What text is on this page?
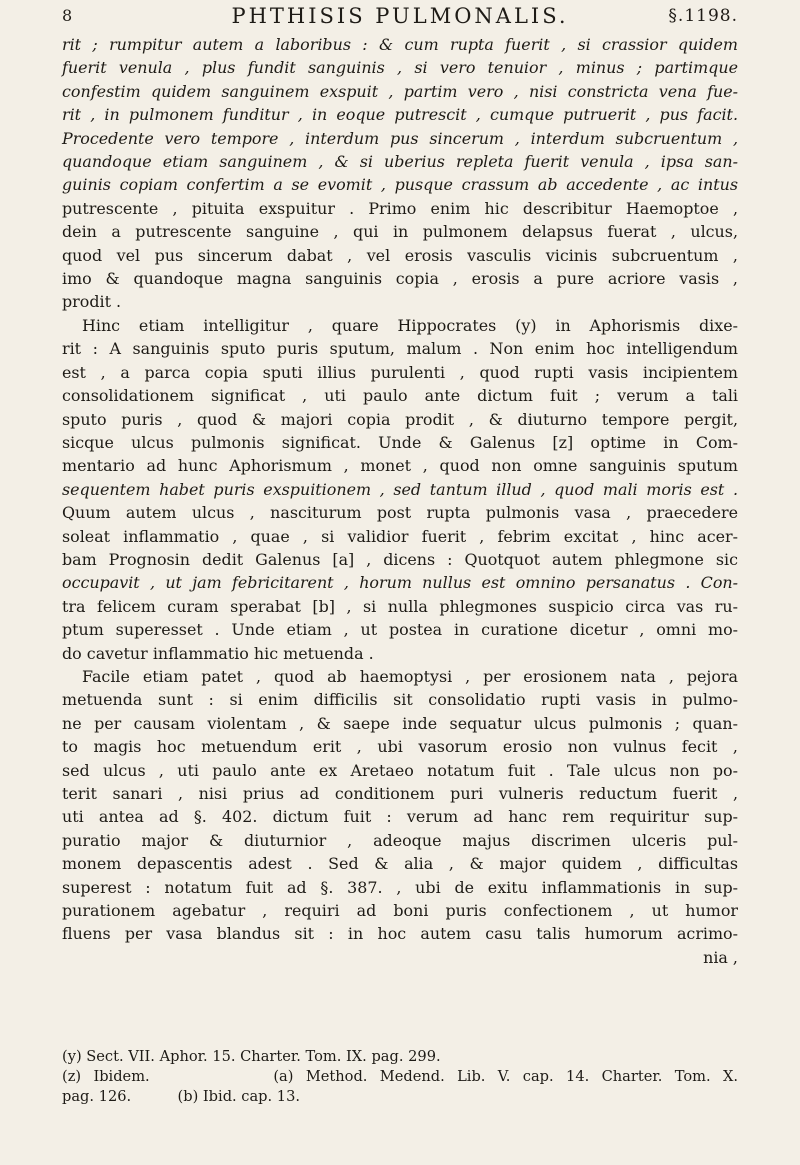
8	PHTHISIS PULMONALIS.	§.1198.

rit ; rumpitur autem a laboribus : & cum rupta fuerit , si crassior quidem
fuerit venula , plus fundit sanguinis , si vero tenuior , minus ; partimque
confestim quidem sanguinem exspuit , partim vero , nisi constricta vena fue-
rit , in pulmonem funditur , in eoque putrescit , cumque putruerit , pus facit.
Procedente vero tempore , interdum pus sincerum , interdum subcruentum ,
quandoque etiam sanguinem , & si uberius repleta fuerit venula , ipsa san-
guinis copiam confertim a se evomit , pusque crassum ab accedente , ac intus
putrescente , pituita exspuitur . Primo enim hic describitur Haemoptoe ,
dein a putrescente sanguine , qui in pulmonem delapsus fuerat , ulcus,
quod vel pus sincerum dabat , vel erosis vasculis vicinis subcruentum ,
imo & quandoque magna sanguinis copia , erosis a pure acriore vasis ,
prodit .

Hinc etiam intelligitur , quare Hippocrates (y) in Aphorismis dixe-
rit : A sanguinis sputo puris sputum, malum . Non enim hoc intelligendum
est , a parca copia sputi illius purulenti , quod rupti vasis incipientem
consolidationem significat , uti paulo ante dictum fuit ; verum a tali
sputo puris , quod & majori copia prodit , & diuturno tempore pergit,
sicque ulcus pulmonis significat. Unde & Galenus [z] optime in Com-
mentario ad hunc Aphorismum , monet , quod non omne sanguinis sputum
sequentem habet puris exspuitionem , sed tantum illud , quod mali moris est .
Quum autem ulcus , nasciturum post rupta pulmonis vasa , praecedere
soleat inflammatio , quae , si validior fuerit , febrim excitat , hinc acer-
bam Prognosin dedit Galenus [a] , dicens : Quotquot autem phlegmone sic
occupavit , ut jam febricitarent , horum nullus est omnino persanatus . Con-
tra felicem curam sperabat [b] , si nulla phlegmones suspicio circa vas ru-
ptum superesset . Unde etiam , ut postea in curatione dicetur , omni mo-
do cavetur inflammatio hic metuenda .

Facile etiam patet , quod ab haemoptysi , per erosionem nata , pejora
metuenda sunt : si enim difficilis sit consolidatio rupti vasis in pulmo-
ne per causam violentam , & saepe inde sequatur ulcus pulmonis ; quan-
to magis hoc metuendum erit , ubi vasorum erosio non vulnus fecit ,
sed ulcus , uti paulo ante ex Aretaeo notatum fuit . Tale ulcus non po-
terit sanari , nisi prius ad conditionem puri vulneris reductum fuerit ,
uti antea ad §. 402. dictum fuit : verum ad hanc rem requiritur sup-
puratio major & diuturnior , adeoque majus discrimen ulceris pul-
monem depascentis adest . Sed & alia , & major quidem , difficultas
superest : notatum fuit ad §. 387. , ubi de exitu inflammationis in sup-
purationem agebatur , requiri ad boni puris confectionem , ut humor
fluens per vasa blandus sit : in hoc autem casu talis humorum acrimo-
nia ,

(y) Sect. VII. Aphor. 15. Charter. Tom. IX. pag. 299.
(z) Ibidem.          (a) Method. Medend. Lib. V. cap. 14. Charter. Tom. X.
pag. 126.          (b) Ibid. cap. 13.
